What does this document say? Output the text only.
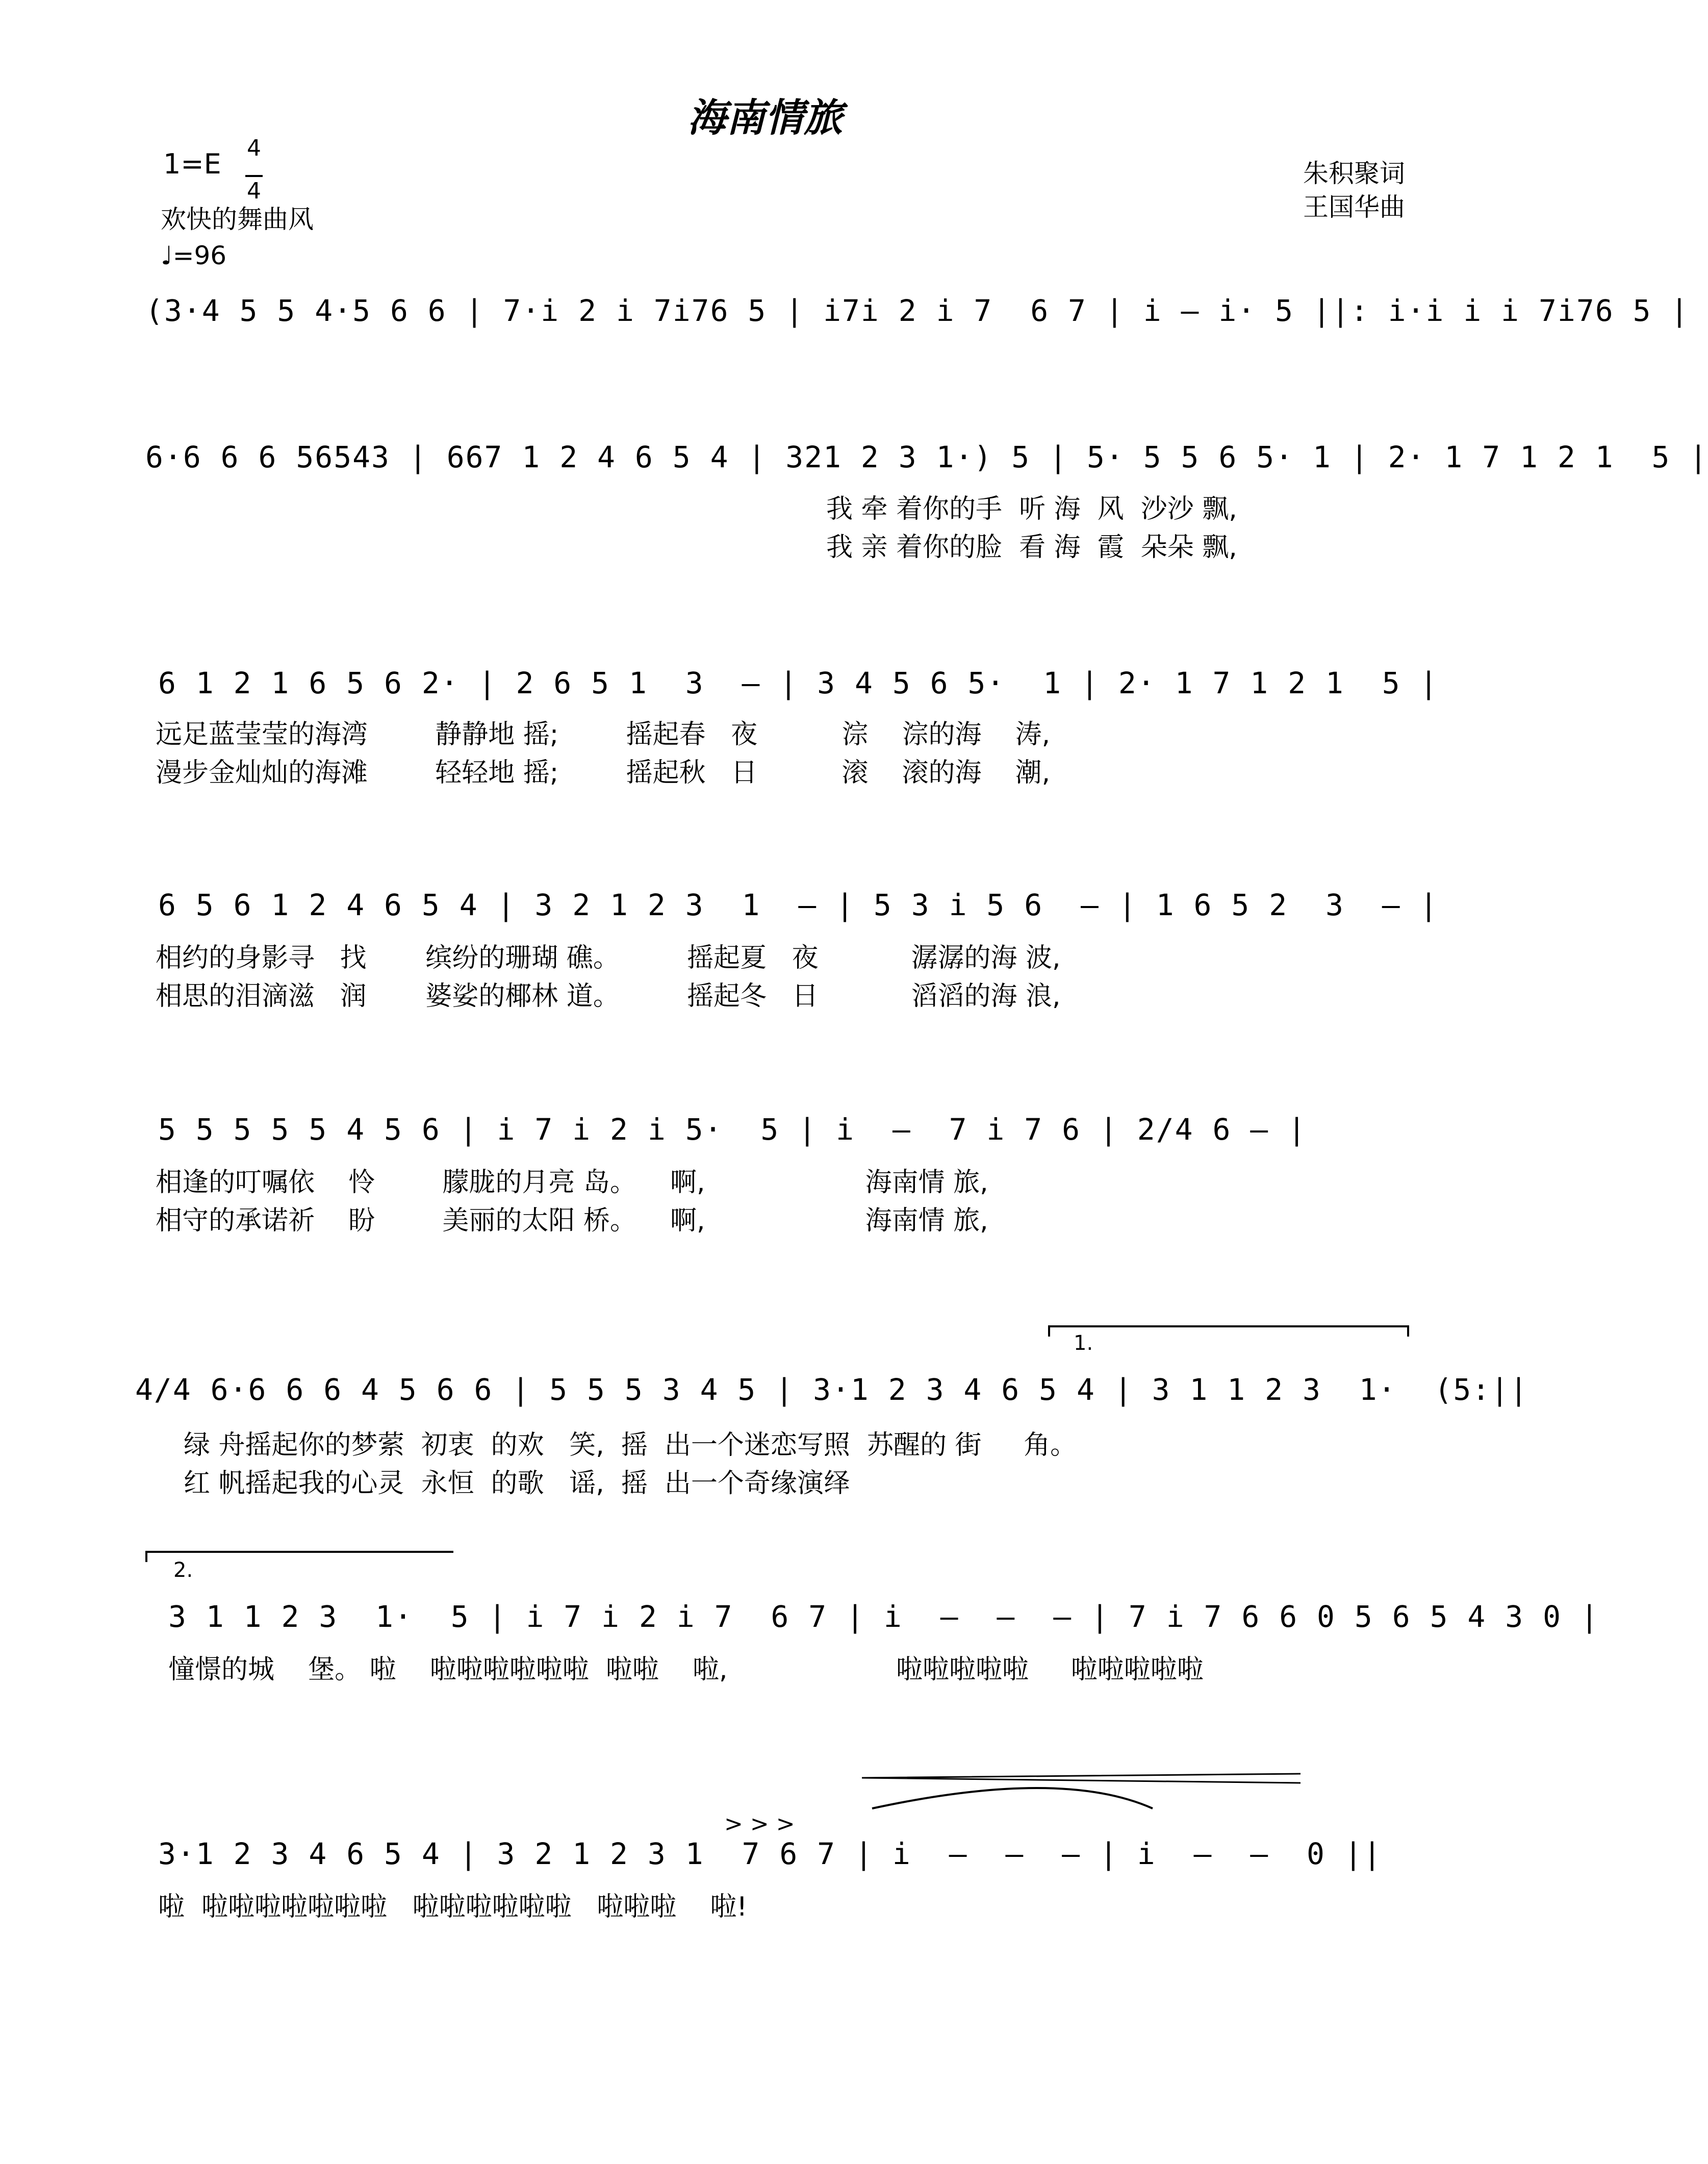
海南情旅
1=E 4

4
欢快的舞曲风
♩=96
朱积聚词
王国华曲
(3·4 5 5 4·5 6 6 | 7·i 2 i 7i76 5 | i7i 2 i 7  6 7 | i – i· 5 ||: i·i i i 7i76 5 |
6·6 6 6 56543 | 667 1 2 4 6 5 4 | 321 2 3 1·) 5 | 5· 5 5 6 5· 1 | 2· 1 7 1 2 1  5 |
我 牵 着你的手  听 海  风  沙沙 飘,
我 亲 着你的脸  看 海  霞  朵朵 飘,
6 1 2 1 6 5 6 2· | 2 6 5 1  3  – | 3 4 5 6 5·  1 | 2· 1 7 1 2 1  5 |
远足蓝莹莹的海湾        静静地 摇;        摇起春   夜          淙    淙的海    涛,
漫步金灿灿的海滩        轻轻地 摇;        摇起秋   日          滚    滚的海    潮,
6 5 6 1 2 4 6 5 4 | 3 2 1 2 3  1  – | 5 3 i 5 6  – | 1 6 5 2  3  – |
相约的身影寻   找       缤纷的珊瑚 礁。        摇起夏   夜           潺潺的海 波,
相思的泪滴滋   润       婆娑的椰林 道。        摇起冬   日           滔滔的海 浪,
5 5 5 5 5 4 5 6 | i 7 i 2 i 5·  5 | i  –  7 i 7 6 | 2/4 6 – |
相逢的叮嘱依    怜        朦胧的月亮 岛。    啊,                   海南情 旅,
相守的承诺祈    盼        美丽的太阳 桥。    啊,                   海南情 旅,
1.
4/4 6·6 6 6 4 5 6 6 | 5 5 5 3 4 5 | 3·1 2 3 4 6 5 4 | 3 1 1 2 3  1·  (5:||
绿 舟摇起你的梦萦  初衷  的欢   笑,  摇  出一个迷恋写照  苏醒的 街     角。
红 帆摇起我的心灵  永恒  的歌   谣,  摇  出一个奇缘演绎
2.
3 1 1 2 3  1·  5 | i 7 i 2 i 7  6 7 | i  –  –  – | 7 i 7 6 6 0 5 6 5 4 3 0 |
憧憬的城    堡。 啦    啦啦啦啦啦啦  啦啦    啦,                    啦啦啦啦啦     啦啦啦啦啦
> > >
3·1 2 3 4 6 5 4 | 3 2 1 2 3 1  7 6 7 | i  –  –  – | i  –  –  0 ||
啦  啦啦啦啦啦啦啦   啦啦啦啦啦啦   啦啦啦    啦!
